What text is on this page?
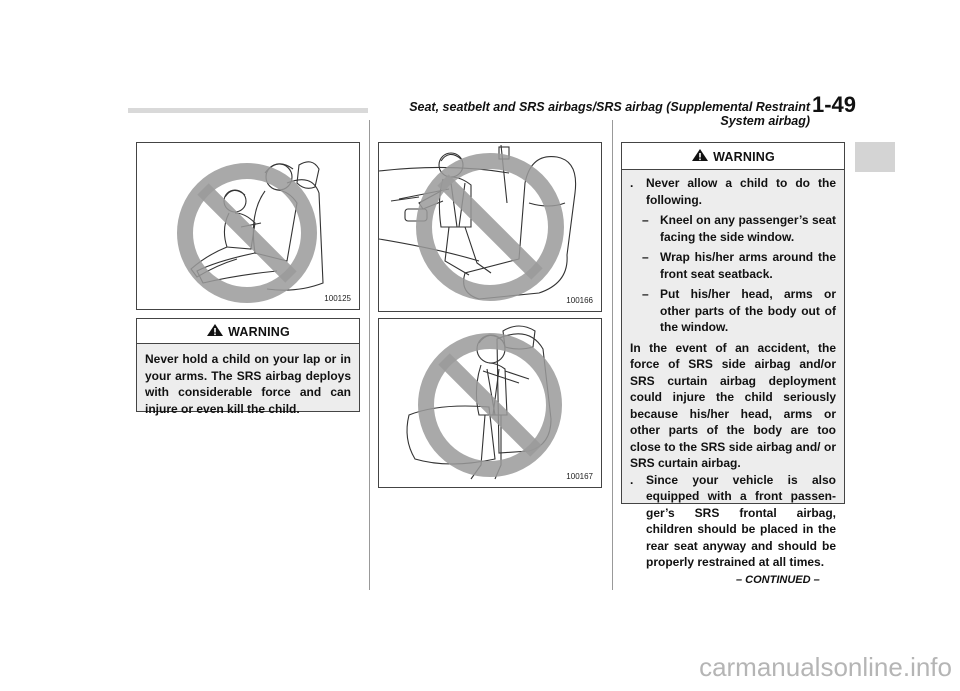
Seat, seatbelt and SRS airbags/SRS airbag (Supplemental Restraint System airbag)
1-49
100125
WARNING

Never hold a child on your lap or in your arms. The SRS airbag deploys with considerable force and can injure or even kill the child.

100166
100167
WARNING
.	Never allow a child to do the following.
– Kneel on any passenger’s seat facing the side window.
– Wrap his/her arms around the front seat seatback.
– Put his/her head, arms or other parts of the body out of the window.

In the event of an accident, the force of SRS side airbag and/or SRS curtain airbag deployment could injure the child seriously because his/her head, arms or other parts of the body are too close to the SRS side airbag and/ or SRS curtain airbag.

.	Since your vehicle is also equipped with a front passen- ger’s SRS frontal airbag, children should be placed in the rear seat anyway and should be properly restrained at all times.
– CONTINUED –
carmanualsonline.info
